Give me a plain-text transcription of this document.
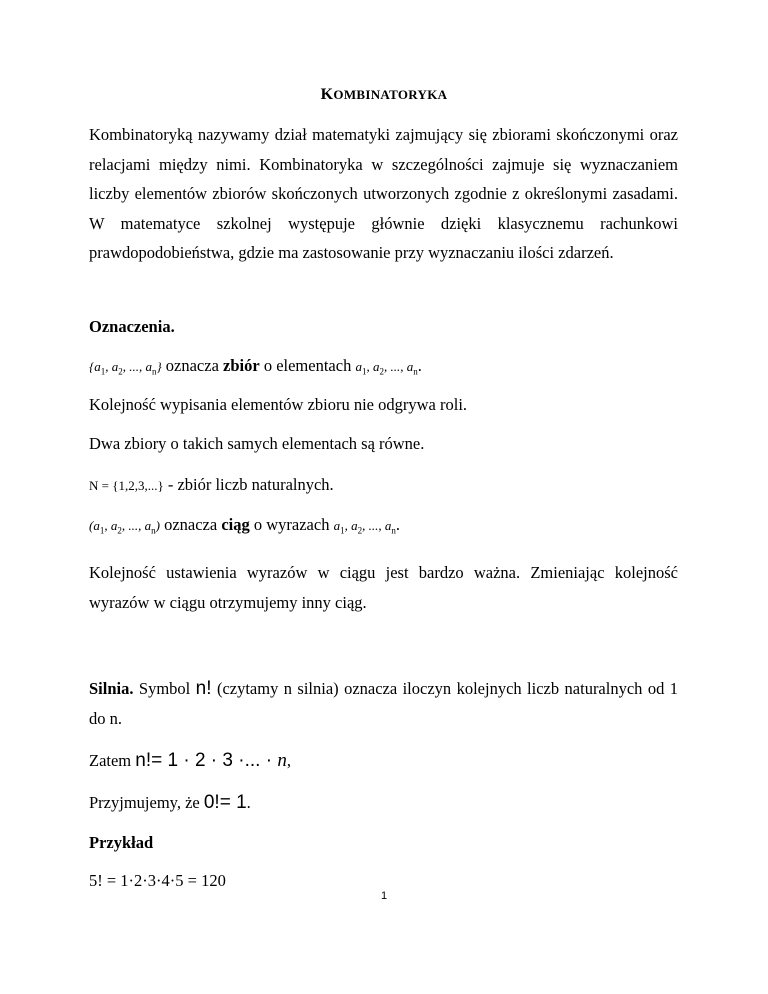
KOMBINATORYKA
Kombinatoryką nazywamy dział matematyki zajmujący się zbiorami skończonymi oraz relacjami między nimi. Kombinatoryka w szczególności zajmuje się wyznaczaniem liczby elementów zbiorów skończonych utworzonych zgodnie z określonymi zasadami. W matematyce szkolnej występuje głównie dzięki klasycznemu rachunkowi prawdopodobieństwa, gdzie ma zastosowanie przy wyznaczaniu ilości zdarzeń.
Oznaczenia.
{$a_1$, $a_2$, ..., $a_n$} oznacza zbiór o elementach $a_1$, $a_2$, ..., $a_n$.
Kolejność wypisania elementów zbioru nie odgrywa roli.
Dwa zbiory o takich samych elementach są równe.
N = {1,2,3,...} - zbiór liczb naturalnych.
($a_1$, $a_2$, ..., $a_n$) oznacza ciąg o wyrazach $a_1$, $a_2$, ..., $a_n$.
Kolejność ustawienia wyrazów w ciągu jest bardzo ważna. Zmieniając kolejność wyrazów w ciągu otrzymujemy inny ciąg.
Silnia. Symbol n! (czytamy n silnia) oznacza iloczyn kolejnych liczb naturalnych od 1 do n.
Zatem n!= 1 · 2 · 3 ·... · n,
Przyjmujemy, że 0!= 1.
Przykład
5! = 1·2·3·4·5 = 120
1
